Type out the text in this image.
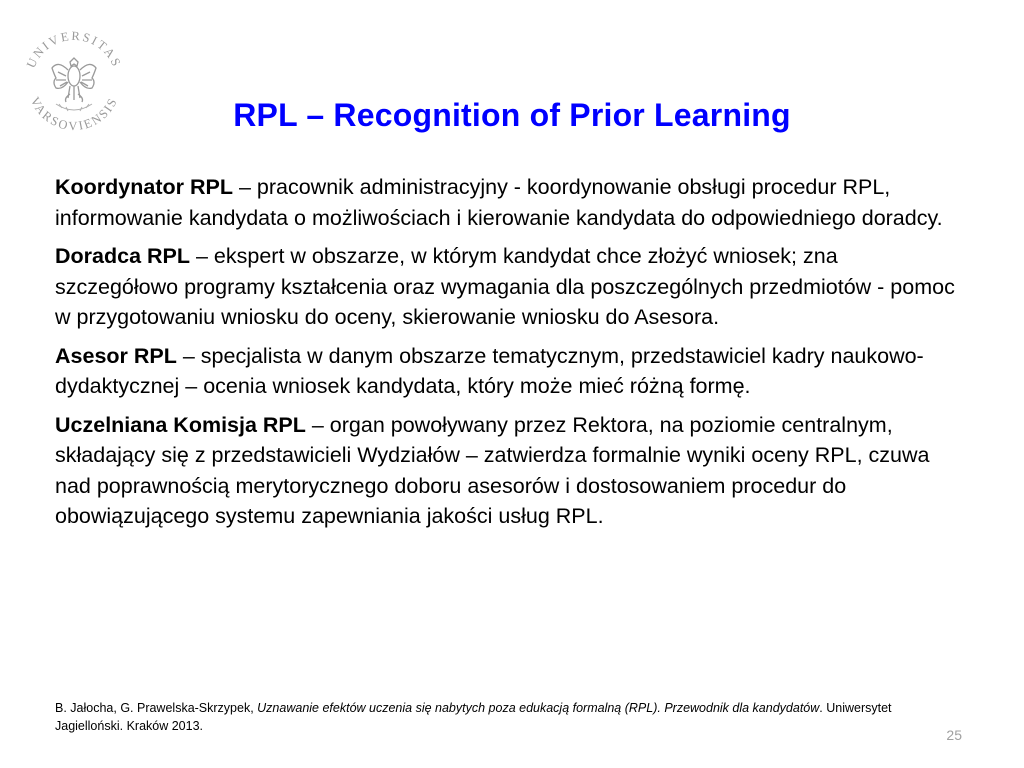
UNIVERSITAS
VARSOVIENSIS	RPL – Recognition of Prior Learning

Koordynator RPL – pracownik administracyjny - koordynowanie obsługi procedur RPL, informowanie kandydata o możliwościach i kierowanie kandydata do odpowiedniego doradcy.

Doradca RPL – ekspert w obszarze, w którym kandydat chce złożyć wniosek; zna szczegółowo programy kształcenia oraz wymagania dla poszczególnych przedmiotów - pomoc w przygotowaniu wniosku do oceny, skierowanie wniosku do Asesora.

Asesor RPL – specjalista w danym obszarze tematycznym, przedstawiciel kadry naukowo-dydaktycznej – ocenia wniosek kandydata, który może mieć różną formę.

Uczelniana Komisja RPL – organ powoływany przez Rektora, na poziomie centralnym, składający się z przedstawicieli Wydziałów – zatwierdza formalnie wyniki oceny RPL, czuwa nad poprawnością merytorycznego doboru asesorów i dostosowaniem procedur do obowiązującego systemu zapewniania jakości usług RPL.

B. Jałocha, G. Prawelska-Skrzypek, Uznawanie efektów uczenia się nabytych poza edukacją formalną (RPL). Przewodnik dla kandydatów. Uniwersytet Jagielloński. Kraków 2013.
25
